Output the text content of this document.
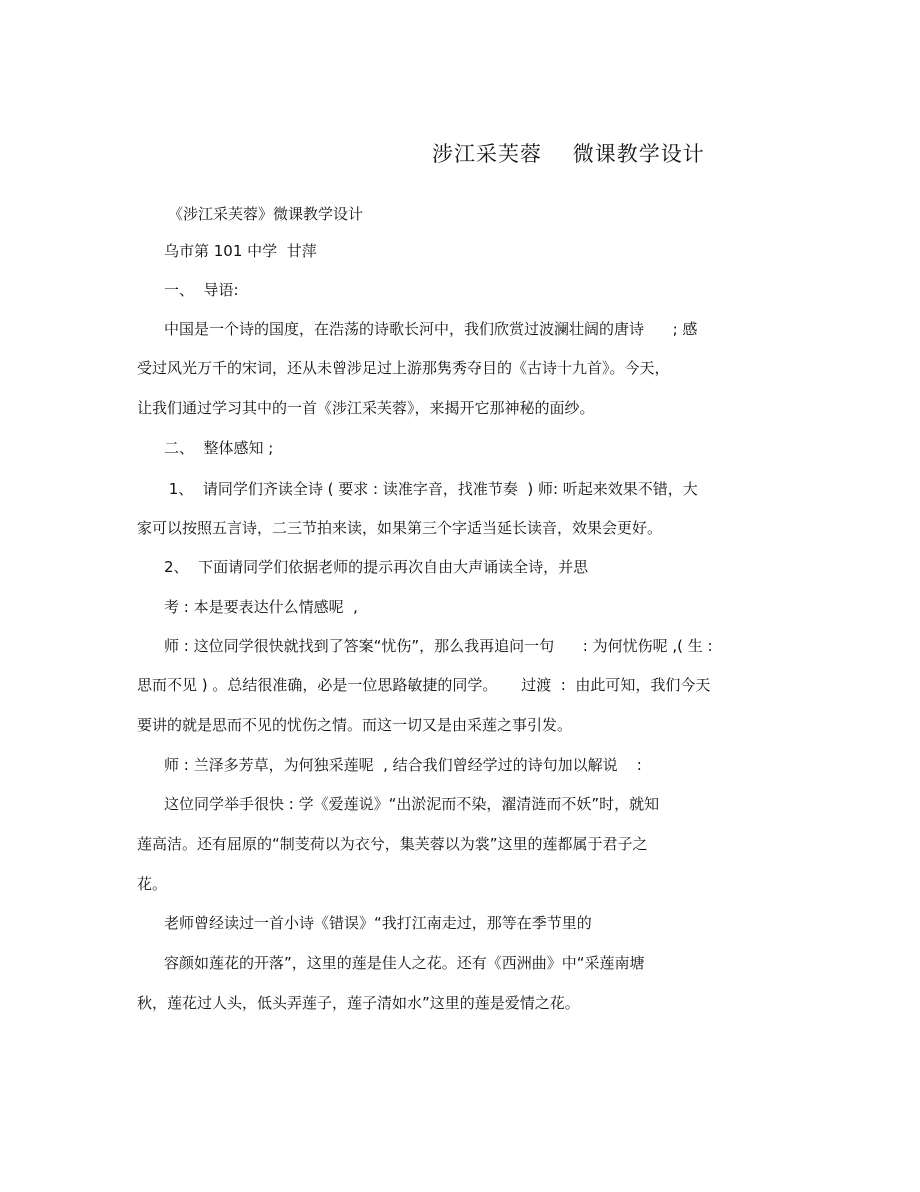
涉江采芙蓉    微课教学设计
《涉江采芙蓉》微课教学设计
乌市第 101 中学  甘萍
一、  导语:
中国是一个诗的国度，在浩荡的诗歌长河中，我们欣赏过波澜壮阔的唐诗      ; 感
受过风光万千的宋词，还从未曾涉足过上游那隽秀夺目的《古诗十九首》。今天，
让我们通过学习其中的一首《涉江采芙蓉》，来揭开它那神秘的面纱。
二、  整体感知 ;
1、  请同学们齐读全诗 ( 要求 : 读准字音，找准节奏  ) 师: 听起来效果不错，大
家可以按照五言诗，二三节拍来读，如果第三个字适当延长读音，效果会更好。
2、  下面请同学们依据老师的提示再次自由大声诵读全诗，并思
考 : 本是要表达什么情感呢  ,
师 : 这位同学很快就找到了答案“忧伤”，那么我再追问一句      : 为何忧伤呢 ,( 生 :
思而不见 ) 。总结很准确，必是一位思路敏捷的同学。     过渡  :  由此可知，我们今天
要讲的就是思而不见的忧伤之情。而这一切又是由采莲之事引发。
师 : 兰泽多芳草，为何独采莲呢  , 结合我们曾经学过的诗句加以解说    :
这位同学举手很快 : 学《爱莲说》“出淤泥而不染，濯清涟而不妖”时，就知
莲高洁。还有屈原的“制芰荷以为衣兮，集芙蓉以为裳”这里的莲都属于君子之
花。
老师曾经读过一首小诗《错误》“我打江南走过，那等在季节里的
容颜如莲花的开落”，这里的莲是佳人之花。还有《西洲曲》中“采莲南塘
秋，莲花过人头，低头弄莲子，莲子清如水”这里的莲是爱情之花。
